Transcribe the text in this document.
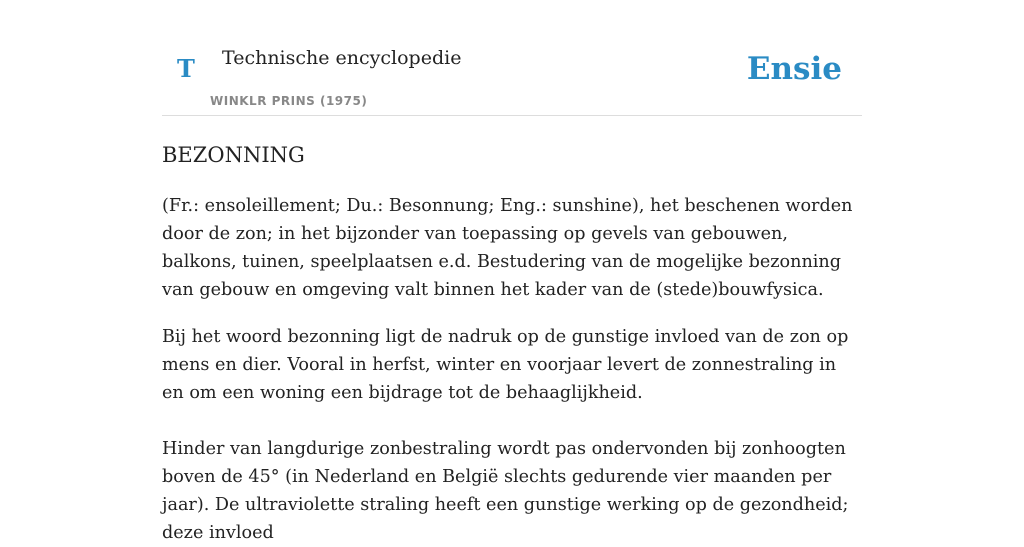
T Technische encyclopedie
WINKLR PRINS (1975)
Ensie
BEZONNING

(Fr.: ensoleillement; Du.: Besonnung; Eng.: sunshine), het beschenen worden door de zon; in het bijzonder van toepassing op gevels van gebouwen, balkons, tuinen, speelplaatsen e.d. Bestudering van de mogelijke bezonning van gebouw en omgeving valt binnen het kader van de (stede)bouwfysica.

Bij het woord bezonning ligt de nadruk op de gunstige invloed van de zon op mens en dier. Vooral in herfst, winter en voorjaar levert de zonnestraling in en om een woning een bijdrage tot de behaaglijkheid.

Hinder van langdurige zonbestraling wordt pas ondervonden bij zonhoogten boven de 45° (in Nederland en België slechts gedurende vier maanden per jaar). De ultraviolette straling heeft een gunstige werking op de gezondheid; deze invloed
